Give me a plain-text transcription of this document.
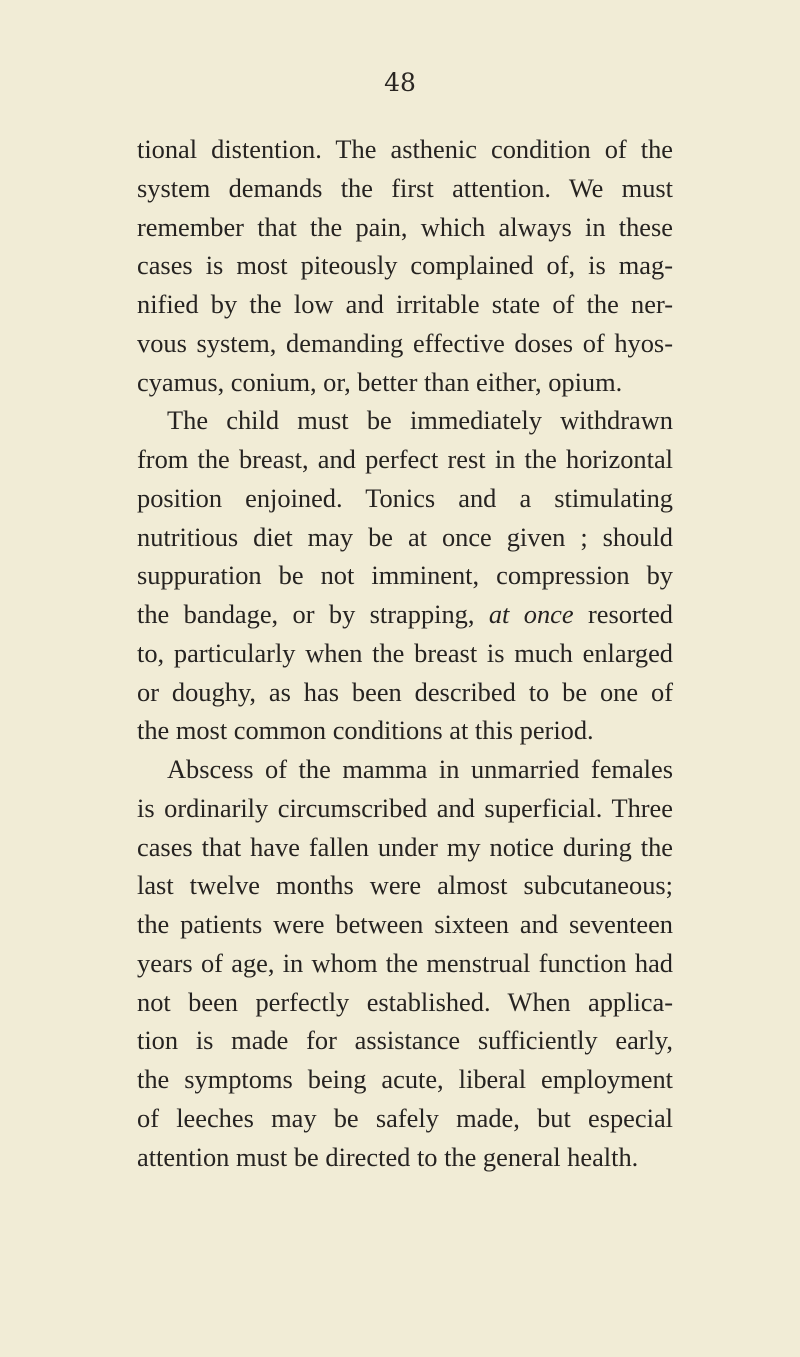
48
tional distention. The asthenic condition of the
system demands the first attention. We must
remember that the pain, which always in these
cases is most piteously complained of, is mag-
nified by the low and irritable state of the ner-
vous system, demanding effective doses of hyos-
cyamus, conium, or, better than either, opium.
The child must be immediately withdrawn
from the breast, and perfect rest in the horizontal
position enjoined. Tonics and a stimulating
nutritious diet may be at once given ; should
suppuration be not imminent, compression by
the bandage, or by strapping, at once resorted
to, particularly when the breast is much enlarged
or doughy, as has been described to be one of
the most common conditions at this period.
Abscess of the mamma in unmarried females
is ordinarily circumscribed and superficial. Three
cases that have fallen under my notice during the
last twelve months were almost subcutaneous;
the patients were between sixteen and seventeen
years of age, in whom the menstrual function had
not been perfectly established. When applica-
tion is made for assistance sufficiently early,
the symptoms being acute, liberal employment
of leeches may be safely made, but especial
attention must be directed to the general health.
